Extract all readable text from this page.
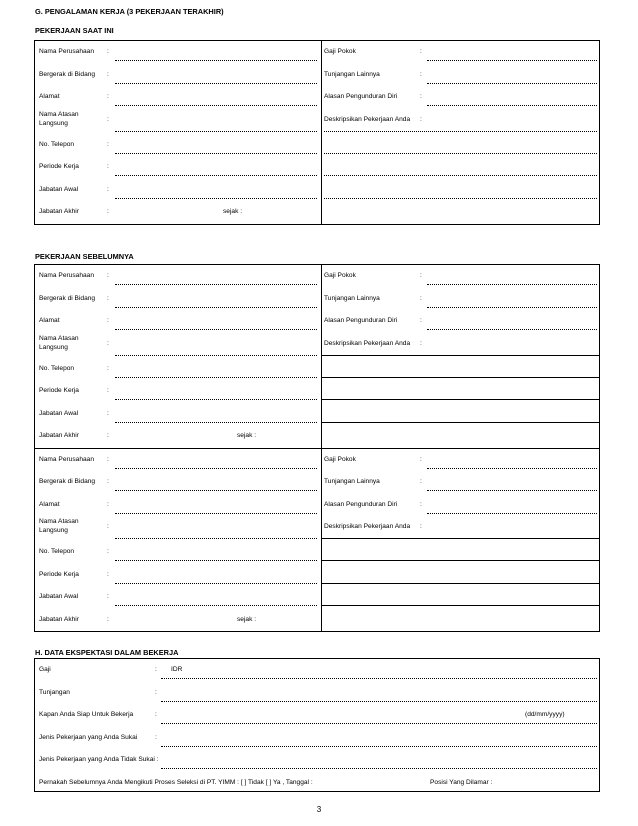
G. PENGALAMAN KERJA (3 PEKERJAAN TERAKHIR)
PEKERJAAN SAAT INI
Nama Perusahaan :	Gaji Pokok	:
Bergerak di Bidang :	Tunjangan Lainnya	:
Alamat	:	Alasan Pengunduran Diri	:
Nama Atasan
Langsung
:	Deskripsikan Pekerjaan Anda :
No. Telepon	:
Periode Kerja	:
Jabatan Awal	:
Jabatan Akhir	:	sejak :
PEKERJAAN SEBELUMNYA
Nama Perusahaan :	Gaji Pokok	:
Bergerak di Bidang :	Tunjangan Lainnya	:
Alamat	:	Alasan Pengunduran Diri	:
Nama Atasan
Langsung
:	Deskripsikan Pekerjaan Anda :
No. Telepon	:
Periode Kerja	:
Jabatan Awal	:
Jabatan Akhir	:	sejak :
Nama Perusahaan :	Gaji Pokok	:
Bergerak di Bidang :	Tunjangan Lainnya	:
Alamat	:	Alasan Pengunduran Diri	:
Nama Atasan
Langsung
:	Deskripsikan Pekerjaan Anda :
No. Telepon	:
Periode Kerja	:
Jabatan Awal	:
Jabatan Akhir	:	sejak :
H. DATA EKSPEKTASI DALAM BEKERJA
Gaji	: IDR
Tunjangan	:
Kapan Anda Siap Untuk Bekerja	:	(dd/mm/yyyy)
Jenis Pekerjaan yang Anda Sukai	:
Jenis Pekerjaan yang Anda Tidak Sukai :
Pernakah Sebelumnya Anda Mengikuti Proses Seleksi di PT. YIMM : [ ] Tidak [ ] Ya , Tanggal :	Posisi Yang Dilamar :
3
